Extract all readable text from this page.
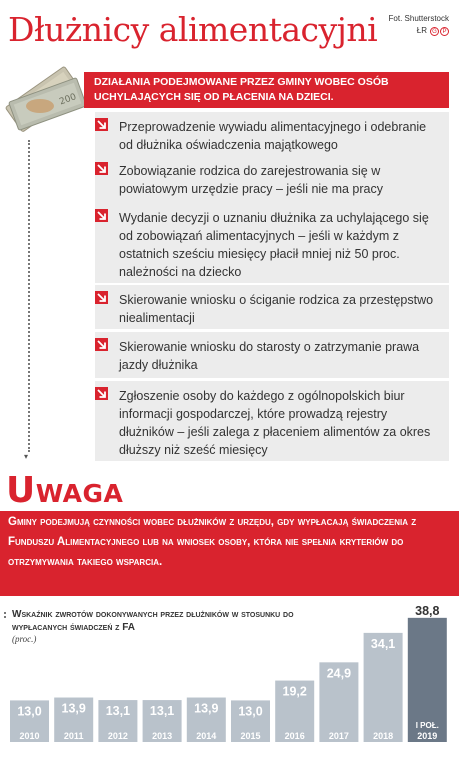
Dłużnicy alimentacyjni Fot. Shutterstock
ŁR G P
200
▾
DZIAŁANIA PODEJMOWANE PRZEZ GMINY WOBEC OSÓB UCHYLAJĄCYCH SIĘ OD PŁACENIA NA DZIECI.
Przeprowadzenie wywiadu alimentacyjnego i odebranie od dłużnika oświadczenia majątkowego
Zobowiązanie rodzica do zarejestrowania się w powiatowym urzędzie pracy – jeśli nie ma pracy
Wydanie decyzji o uznaniu dłużnika za uchylającego się od zobowiązań alimentacyjnych – jeśli w każdym z ostatnich sześciu miesięcy płacił mniej niż 50 proc. należności na dziecko
Skierowanie wniosku o ściganie rodzica za przestępstwo niealimentacji
Skierowanie wniosku do starosty o zatrzymanie prawa jazdy dłużnika
Zgłoszenie osoby do każdego z ogólnopolskich biur informacji gospodarczej, które prowadzą rejestry dłużników – jeśli zalega z płaceniem alimentów za okres dłuższy niż sześć miesięcy
Uwaga
Gminy podejmują czynności wobec dłużników z urzędu, gdy wypłacają świadczenia z Funduszu Alimentacyjnego lub na wniosek osoby, która nie spełnia kryteriów do otrzymywania takiego wsparcia.
Wskaźnik zwrotów dokonywanych przez dłużników w stosunku do wypłacanych świadczeń z FA
(proc.)
13,0
2010
13,9
2011
13,1
2012
13,1
2013
13,9
2014
13,0
2015
19,2
2016
24,9
2017
34,1
2018
38,8
I POŁ.
2019
